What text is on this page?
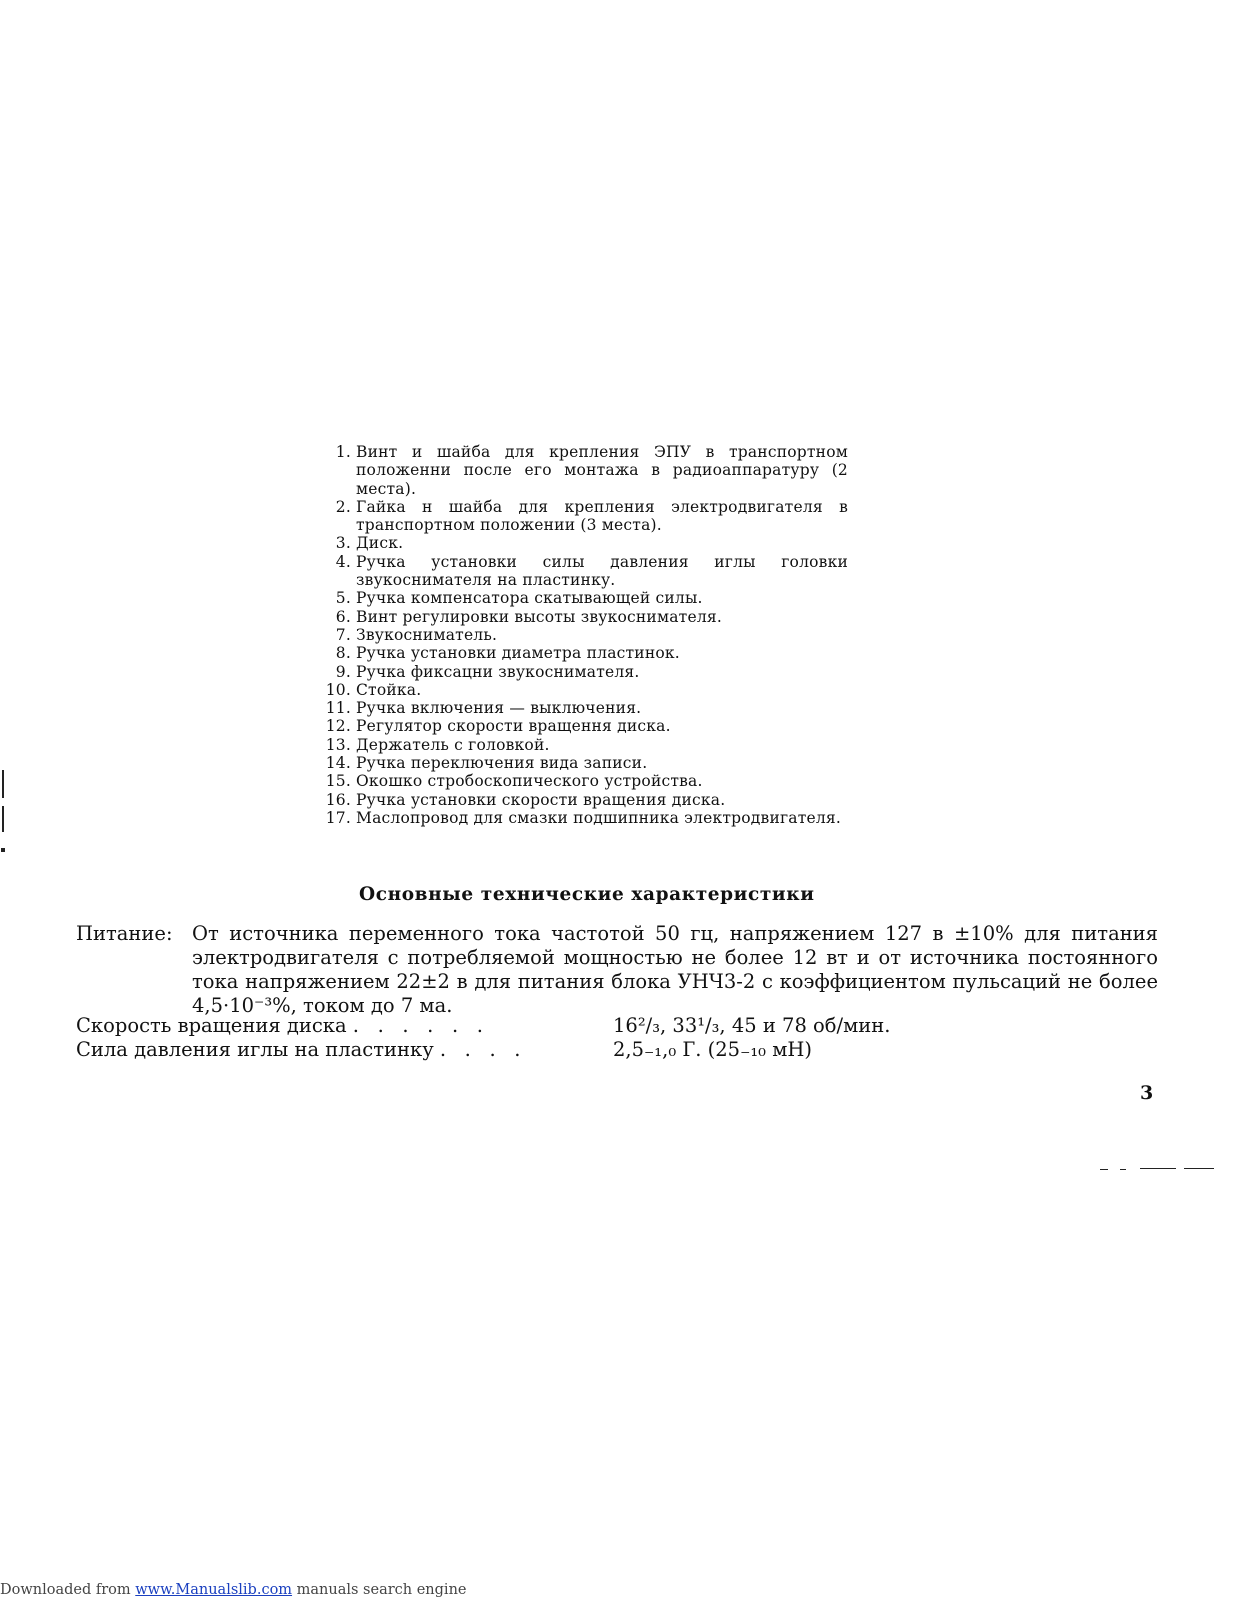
1. Винт и шайба для крепления ЭПУ в транспортном положенни после его монтажа в радиоаппаратуру (2 места).
2. Гайка н шайба для крепления электродвигателя в транспортном положении (3 места).
3. Диск.
4. Ручка установки силы давления иглы головки звукоснимателя на пластинку.
5. Ручка компенсатора скатывающей силы.
6. Винт регулировки высоты звукоснимателя.
7. Звукосниматель.
8. Ручка установки диаметра пластинок.
9. Ручка фиксацни звукоснимателя.
10. Стойка.
11. Ручка включения — выключения.
12. Регулятор скорости вращення диска.
13. Держатель с головкой.
14. Ручка переключения вида записи.
15. Окошко стробоскопического устройства.
16. Ручка установки скорости вращения диска.
17. Маслопровод для смазки подшипника электродвигателя.
Основные технические характеристики
Питание: От источника переменного тока частотой 50 гц, напряжением 127 в ±10% для питания электродвигателя с потребляемой мощностью не более 12 вт и от источника постоянного тока напряжением 22±2 в для питания блока УНЧ3-2 с коэффициентом пульсаций не более 4,5·10⁻³%, током до 7 ма.
Скорость вращения диска .   .   .   .   .   .	16²/₃, 33¹/₃, 45 и 78 об/мин.
Сила давления иглы на пластинку .   .   .   .	2,5₋₁,₀ Г. (25₋₁₀ мН)
3
Downloaded from www.Manualslib.com manuals search engine
